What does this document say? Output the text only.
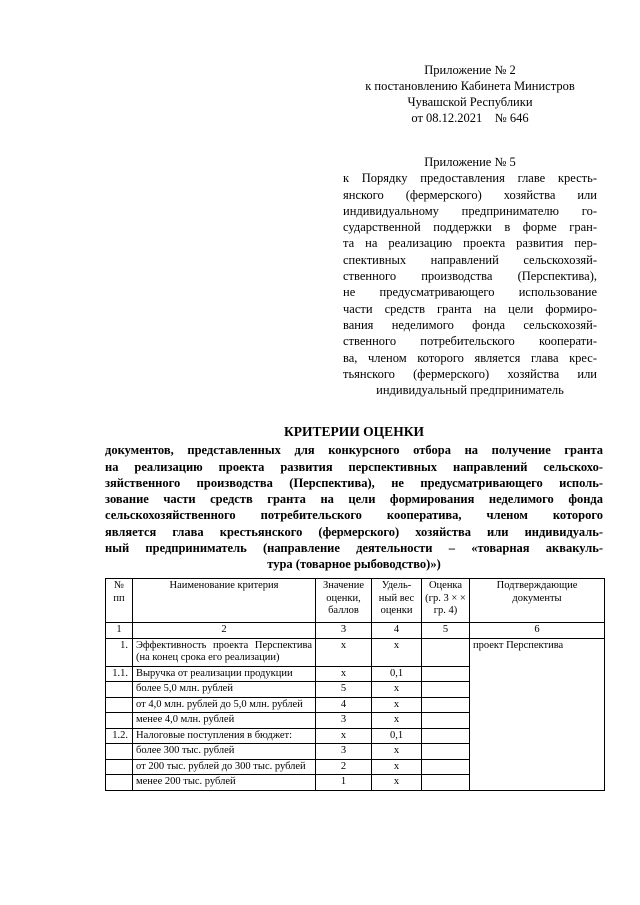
Приложение № 2
к постановлению Кабинета Министров
Чувашской Республики
от 08.12.2021    № 646
Приложение № 5
к Порядку предоставления главе кресть-
янского (фермерского) хозяйства или
индивидуальному предпринимателю го-
сударственной поддержки в форме гран-
та на реализацию проекта развития пер-
спективных направлений сельскохозяй-
ственного производства (Перспектива),
не предусматривающего использование
части средств гранта на цели формиро-
вания неделимого фонда сельскохозяй-
ственного потребительского кооперати-
ва, членом которого является глава крес-
тьянского (фермерского) хозяйства или
индивидуальный предприниматель
КРИТЕРИИ ОЦЕНКИ
документов, представленных для конкурсного отбора на получение гранта
на реализацию проекта развития перспективных направлений сельскохо-
зяйственного производства (Перспектива), не предусматривающего исполь-
зование части средств гранта на цели формирования неделимого фонда
сельскохозяйственного потребительского кооператива, членом которого
является глава крестьянского (фермерского) хозяйства или индивидуаль-
ный предприниматель (направление деятельности – «товарная аквакуль-
тура (товарное рыбоводство)»)
№ пп	Наименование критерия	Значение оценки, баллов	Удель-ный вес оценки	Оценка (гр. 3 × × гр. 4)	Подтверждающие документы
1	2	3	4	5	6
1.	Эффективность проекта Перспектива (на конец срока его реализации)	x	x		проект Перспектива
1.1.	Выручка от реализации продукции	x	0,1		
	более 5,0 млн. рублей	5	x		
	от 4,0 млн. рублей до 5,0 млн. рублей	4	x		
	менее 4,0 млн. рублей	3	x		
1.2.	Налоговые поступления в бюджет:	x	0,1		
	более 300 тыс. рублей	3	x		
	от 200 тыс. рублей до 300 тыс. рублей	2	x		
	менее 200 тыс. рублей	1	x		
